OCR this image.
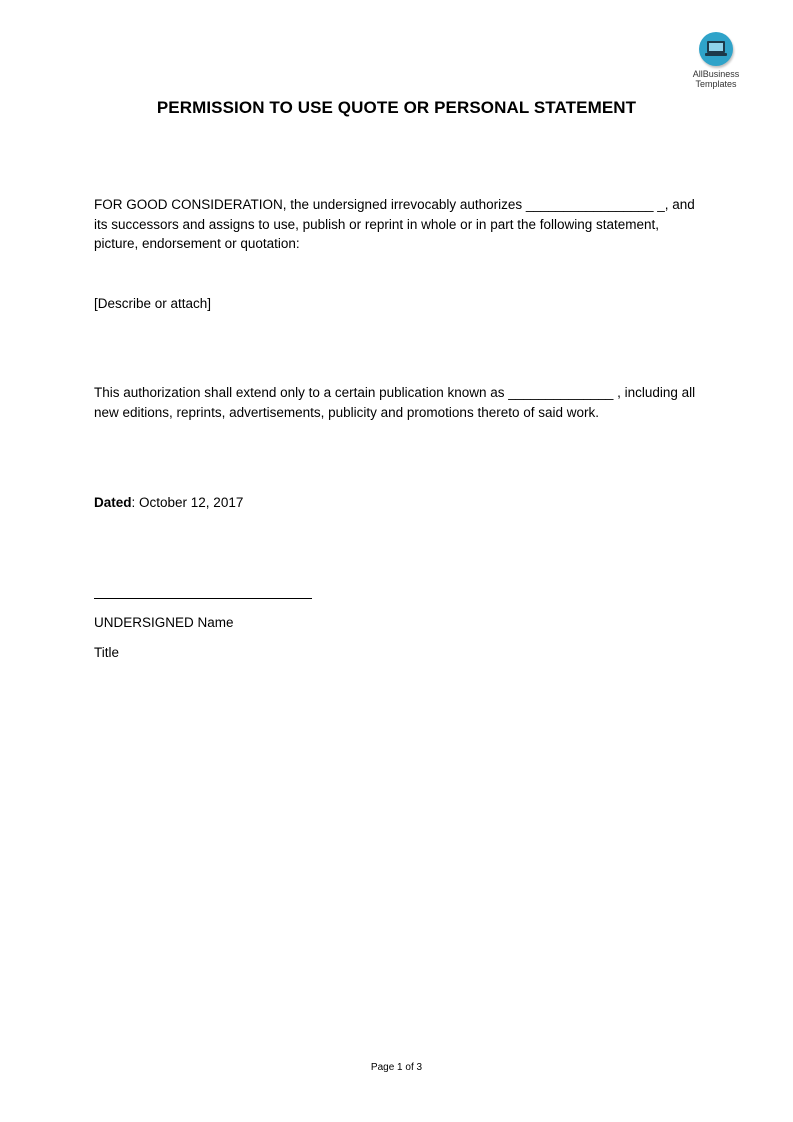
AllBusiness
Templates
PERMISSION TO USE QUOTE OR PERSONAL STATEMENT
FOR GOOD CONSIDERATION, the undersigned irrevocably authorizes _________________ _, and its successors and assigns to use, publish or reprint in whole or in part the following statement, picture, endorsement or quotation:
[Describe or attach]
This authorization shall extend only to a certain publication known as ______________ , including all new editions, reprints, advertisements, publicity and promotions thereto of said work.
Dated: October 12, 2017
UNDERSIGNED Name
Title
Page 1 of 3
